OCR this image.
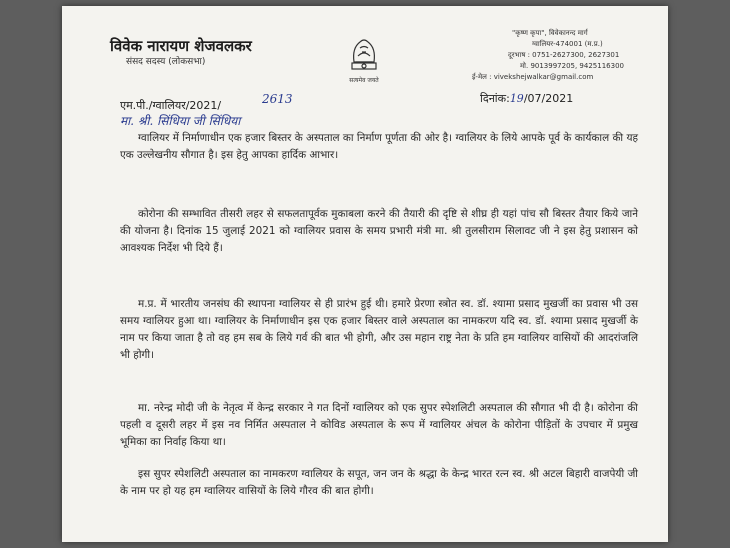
विवेक नारायण शेजवलकर
संसद सदस्य (लोकसभा)
सत्यमेव जयते
"कृष्ण कृपा", विवेकानन्द मार्ग
ग्वालियर-474001 (म.प्र.)
दूरभाष : 0751-2627300, 2627301
मो. 9013997205, 9425116300
ई-मेल : vivekshejwalkar@gmail.com
एम.पी./ग्वालियर/2021/	2613
मा. श्री. सिंधिया जी सिंधिया
दिनांक:19/07/2021

ग्वालियर में निर्माणाधीन एक हजार बिस्तर के अस्पताल का निर्माण पूर्णता की ओर है। ग्वालियर के लिये आपके पूर्व के कार्यकाल की यह एक उल्लेखनीय सौगात है। इस हेतु आपका हार्दिक आभार।

कोरोना की सम्भावित तीसरी लहर से सफलतापूर्वक मुकाबला करने की तैयारी की दृष्टि से शीघ्र ही यहां पांच सौ बिस्तर तैयार किये जाने की योजना है। दिनांक 15 जुलाई 2021 को ग्वालियर प्रवास के समय प्रभारी मंत्री मा. श्री तुलसीराम सिलावट जी ने इस हेतु प्रशासन को आवश्यक निर्देश भी दिये हैं।

म.प्र. में भारतीय जनसंघ की स्थापना ग्वालियर से ही प्रारंभ हुई थी। हमारे प्रेरणा स्त्रोत स्व. डॉ. श्यामा प्रसाद मुखर्जी का प्रवास भी उस समय ग्वालियर हुआ था। ग्वालियर के निर्माणाधीन इस एक हजार बिस्तर वाले अस्पताल का नामकरण यदि स्व. डॉ. श्यामा प्रसाद मुखर्जी के नाम पर किया जाता है तो वह हम सब के लिये गर्व की बात भी होगी, और उस महान राष्ट्र नेता के प्रति हम ग्वालियर वासियों की आदरांजलि भी होगी।

मा. नरेन्द्र मोदी जी के नेतृत्व में केन्द्र सरकार ने गत दिनों ग्वालियर को एक सुपर स्पेशलिटी अस्पताल की सौगात भी दी है। कोरोना की पहली व दूसरी लहर में इस नव निर्मित अस्पताल ने कोविड अस्पताल के रूप में ग्वालियर अंचल के कोरोना पीड़ितों के उपचार में प्रमुख भूमिका का निर्वाह किया था।

इस सुपर स्पेशलिटी अस्पताल का नामकरण ग्वालियर के सपूत, जन जन के श्रद्धा के केन्द्र भारत रत्न स्व. श्री अटल बिहारी वाजपेयी जी के नाम पर हो यह हम ग्वालियर वासियों के लिये गौरव की बात होगी।
